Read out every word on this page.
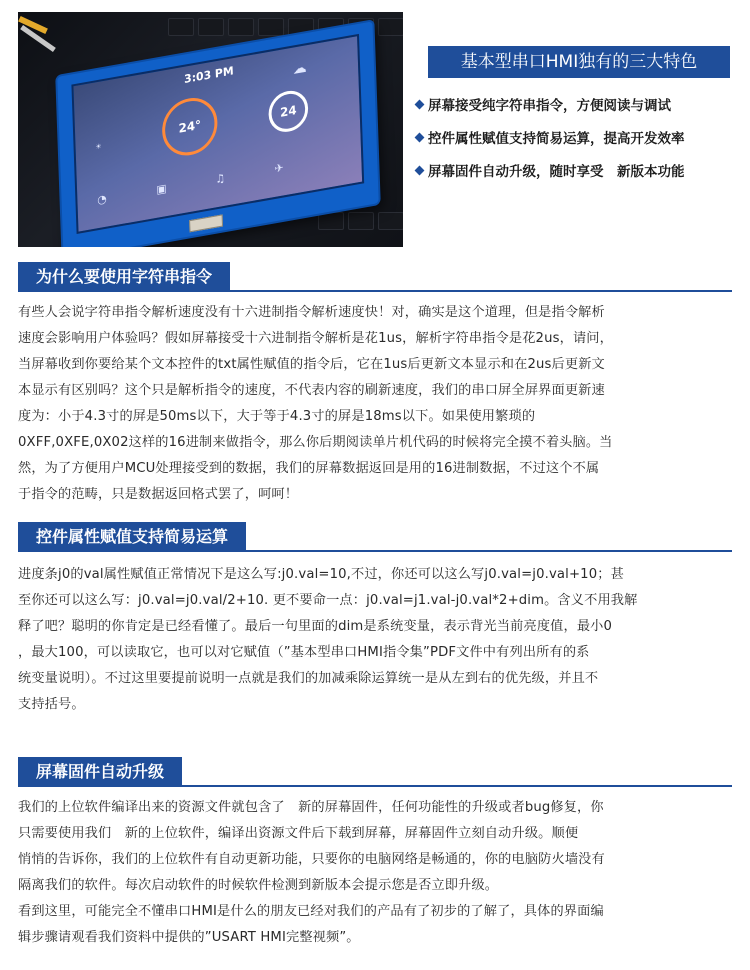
3:03 PM
24°
24
☀
☁
◔
▣
♫
✈
基本型串口HMI独有的三大特色
屏幕接受纯字符串指令，方便阅读与调试
控件属性赋值支持简易运算，提高开发效率
屏幕固件自动升级，随时享受　新版本功能
为什么要使用字符串指令

有些人会说字符串指令解析速度没有十六进制指令解析速度快！对，确实是这个道理，但是指令解析

速度会影响用户体验吗？假如屏幕接受十六进制指令解析是花1us，解析字符串指令是花2us，请问，

当屏幕收到你要给某个文本控件的txt属性赋值的指令后，它在1us后更新文本显示和在2us后更新文

本显示有区别吗？这个只是解析指令的速度，不代表内容的刷新速度，我们的串口屏全屏界面更新速

度为：小于4.3寸的屏是50ms以下，大于等于4.3寸的屏是18ms以下。如果使用繁琐的

0XFF,0XFE,0X02这样的16进制来做指令，那么你后期阅读单片机代码的时候将完全摸不着头脑。当

然，为了方便用户MCU处理接受到的数据，我们的屏幕数据返回是用的16进制数据，不过这个不属

于指令的范畴，只是数据返回格式罢了，呵呵！

控件属性赋值支持简易运算

进度条j0的val属性赋值正常情况下是这么写:j0.val=10,不过，你还可以这么写j0.val=j0.val+10；甚

至你还可以这么写：j0.val=j0.val/2+10. 更不要命一点：j0.val=j1.val-j0.val*2+dim。含义不用我解

释了吧？聪明的你肯定是已经看懂了。最后一句里面的dim是系统变量，表示背光当前亮度值，最小0

，最大100，可以读取它，也可以对它赋值（”基本型串口HMI指令集”PDF文件中有列出所有的系

统变量说明）。不过这里要提前说明一点就是我们的加减乘除运算统一是从左到右的优先级，并且不

支持括号。

屏幕固件自动升级

我们的上位软件编译出来的资源文件就包含了　新的屏幕固件，任何功能性的升级或者bug修复，你

只需要使用我们　新的上位软件，编译出资源文件后下载到屏幕，屏幕固件立刻自动升级。顺便

悄悄的告诉你，我们的上位软件有自动更新功能，只要你的电脑网络是畅通的，你的电脑防火墙没有

隔离我们的软件。每次启动软件的时候软件检测到新版本会提示您是否立即升级。

看到这里，可能完全不懂串口HMI是什么的朋友已经对我们的产品有了初步的了解了，具体的界面编

辑步骤请观看我们资料中提供的”USART HMI完整视频”。
